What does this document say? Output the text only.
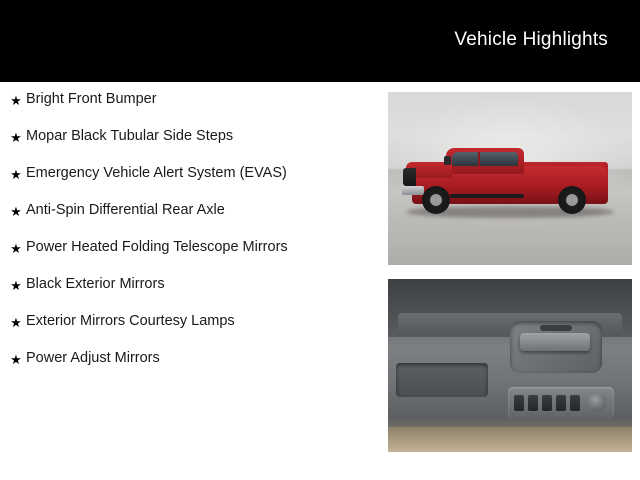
Vehicle Highlights
★ Bright Front Bumper
★ Mopar Black Tubular Side Steps
★ Emergency Vehicle Alert System (EVAS)
★ Anti-Spin Differential Rear Axle
★ Power Heated Folding Telescope Mirrors
★ Black Exterior Mirrors
★ Exterior Mirrors Courtesy Lamps
★ Power Adjust Mirrors
